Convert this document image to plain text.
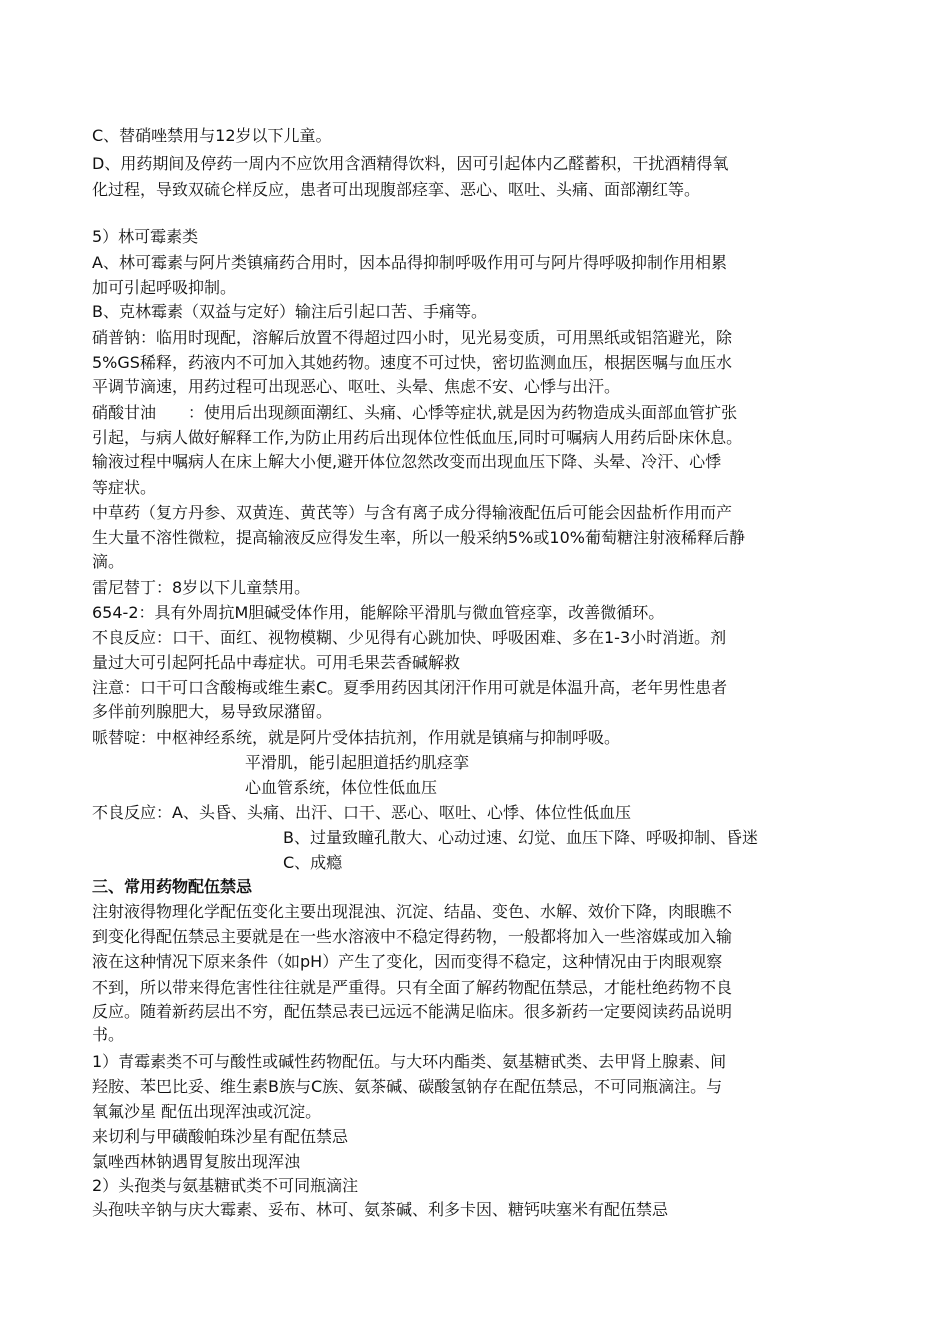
C、替硝唑禁用与12岁以下儿童。

D、用药期间及停药一周内不应饮用含酒精得饮料，因可引起体内乙醛蓄积，干扰酒精得氧

化过程，导致双硫仑样反应，患者可出现腹部痉挛、恶心、呕吐、头痛、面部潮红等。

5）林可霉素类

A、林可霉素与阿片类镇痛药合用时，因本品得抑制呼吸作用可与阿片得呼吸抑制作用相累

加可引起呼吸抑制。

B、克林霉素（双益与定好）输注后引起口苦、手痛等。

硝普钠：临用时现配，溶解后放置不得超过四小时，见光易变质，可用黑纸或铝箔避光，除

5%GS稀释，药液内不可加入其她药物。速度不可过快，密切监测血压，根据医嘱与血压水

平调节滴速，用药过程可出现恶心、呕吐、头晕、焦虑不安、心悸与出汗。

硝酸甘油　　：使用后出现颜面潮红、头痛、心悸等症状,就是因为药物造成头面部血管扩张

引起，与病人做好解释工作,为防止用药后出现体位性低血压,同时可嘱病人用药后卧床休息。

输液过程中嘱病人在床上解大小便,避开体位忽然改变而出现血压下降、头晕、冷汗、心悸

等症状。

中草药（复方丹参、双黄连、黄芪等）与含有离子成分得输液配伍后可能会因盐析作用而产

生大量不溶性微粒，提高输液反应得发生率，所以一般采纳5%或10%葡萄糖注射液稀释后静

滴。

雷尼替丁：8岁以下儿童禁用。

654-2：具有外周抗M胆碱受体作用，能解除平滑肌与微血管痉挛，改善微循环。

不良反应：口干、面红、视物模糊、少见得有心跳加快、呼吸困难、多在1-3小时消逝。剂

量过大可引起阿托品中毒症状。可用毛果芸香碱解救

注意：口干可口含酸梅或维生素C。夏季用药因其闭汗作用可就是体温升高，老年男性患者

多伴前列腺肥大，易导致尿潴留。

哌替啶：中枢神经系统，就是阿片受体拮抗剂，作用就是镇痛与抑制呼吸。

平滑肌，能引起胆道括约肌痉挛

心血管系统，体位性低血压

不良反应：A、头昏、头痛、出汗、口干、恶心、呕吐、心悸、体位性低血压

B、过量致瞳孔散大、心动过速、幻觉、血压下降、呼吸抑制、昏迷

C、成瘾

三、常用药物配伍禁忌

注射液得物理化学配伍变化主要出现混浊、沉淀、结晶、变色、水解、效价下降，肉眼瞧不

到变化得配伍禁忌主要就是在一些水溶液中不稳定得药物，一般都将加入一些溶媒或加入输

液在这种情况下原来条件（如pH）产生了变化，因而变得不稳定，这种情况由于肉眼观察

不到，所以带来得危害性往往就是严重得。只有全面了解药物配伍禁忌，才能杜绝药物不良

反应。随着新药层出不穷，配伍禁忌表已远远不能满足临床。很多新药一定要阅读药品说明

书。

1）青霉素类不可与酸性或碱性药物配伍。与大环内酯类、氨基糖甙类、去甲肾上腺素、间

羟胺、苯巴比妥、维生素B族与C族、氨茶碱、碳酸氢钠存在配伍禁忌，不可同瓶滴注。与

氧氟沙星 配伍出现浑浊或沉淀。

来切利与甲磺酸帕珠沙星有配伍禁忌

氯唑西林钠遇胃复胺出现浑浊

2）头孢类与氨基糖甙类不可同瓶滴注

头孢呋辛钠与庆大霉素、妥布、林可、氨茶碱、利多卡因、糖钙呋塞米有配伍禁忌
